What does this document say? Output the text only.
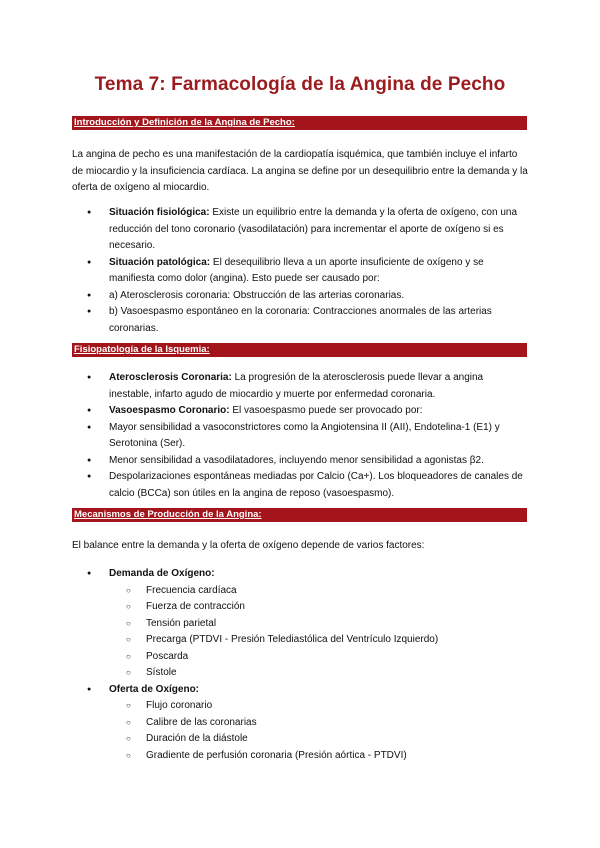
Tema 7: Farmacología de la Angina de Pecho
Introducción y Definición de la Angina de Pecho:
La angina de pecho es una manifestación de la cardiopatía isquémica, que también incluye el infarto de miocardio y la insuficiencia cardíaca. La angina se define por un desequilibrio entre la demanda y la oferta de oxígeno al miocardio.
● Situación fisiológica: Existe un equilibrio entre la demanda y la oferta de oxígeno, con una reducción del tono coronario (vasodilatación) para incrementar el aporte de oxígeno si es necesario.
● Situación patológica: El desequilibrio lleva a un aporte insuficiente de oxígeno y se manifiesta como dolor (angina). Esto puede ser causado por:
● a) Aterosclerosis coronaria: Obstrucción de las arterias coronarias.
● b) Vasoespasmo espontáneo en la coronaria: Contracciones anormales de las arterias coronarias.
Fisiopatología de la Isquemia:
● Aterosclerosis Coronaria: La progresión de la aterosclerosis puede llevar a angina inestable, infarto agudo de miocardio y muerte por enfermedad coronaria.
● Vasoespasmo Coronario: El vasoespasmo puede ser provocado por:
● Mayor sensibilidad a vasoconstrictores como la Angiotensina II (AII), Endotelina-1 (E1) y Serotonina (Ser).
● Menor sensibilidad a vasodilatadores, incluyendo menor sensibilidad a agonistas β2.
● Despolarizaciones espontáneas mediadas por Calcio (Ca+). Los bloqueadores de canales de calcio (BCCa) son útiles en la angina de reposo (vasoespasmo).
Mecanismos de Producción de la Angina:
El balance entre la demanda y la oferta de oxígeno depende de varios factores:
● Demanda de Oxígeno:
○ Frecuencia cardíaca
○ Fuerza de contracción
○ Tensión parietal
○ Precarga (PTDVI - Presión Telediastólica del Ventrículo Izquierdo)
○ Poscarda
○ Sístole
● Oferta de Oxígeno:
○ Flujo coronario
○ Calibre de las coronarias
○ Duración de la diástole
○ Gradiente de perfusión coronaria (Presión aórtica - PTDVI)
